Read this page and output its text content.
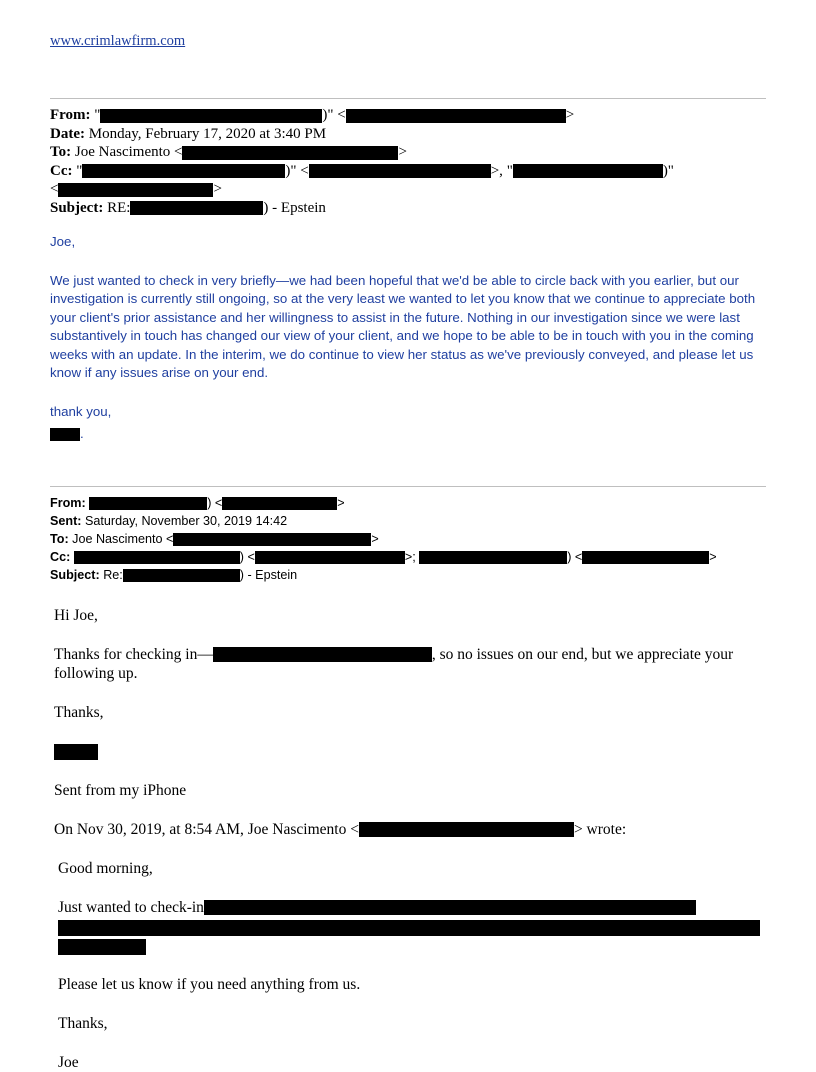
www.crimlawfirm.com
From: "	)" <	>
Date: Monday, February 17, 2020 at 3:40 PM
To: Joe Nascimento <	>
Cc: "	)" <	>, "	)"
<	>
Subject: RE:	) - Epstein

Joe,

We just wanted to check in very briefly—we had been hopeful that we'd be able to circle back with you earlier, but our investigation is currently still ongoing, so at the very least we wanted to let you know that we continue to appreciate both your client's prior assistance and her willingness to assist in the future. Nothing in our investigation since we were last substantively in touch has changed our view of your client, and we hope to be able to be in touch with you in the coming weeks with an update. In the interim, we do continue to view her status as we've previously conveyed, and please let us know if any issues arise on your end.

thank you,

.

From:	) <	>
Sent: Saturday, November 30, 2019 14:42
To: Joe Nascimento <	>
Cc:	) <	>;	) <	>
Subject: Re:	) - Epstein

Hi Joe,

Thanks for checking in—	, so no issues on our end, but we appreciate your
following up.

Thanks,

Sent from my iPhone

On Nov 30, 2019, at 8:54 AM, Joe Nascimento <	> wrote:

Good morning,

Just wanted to check-in

Please let us know if you need anything from us.

Thanks,

Joe
